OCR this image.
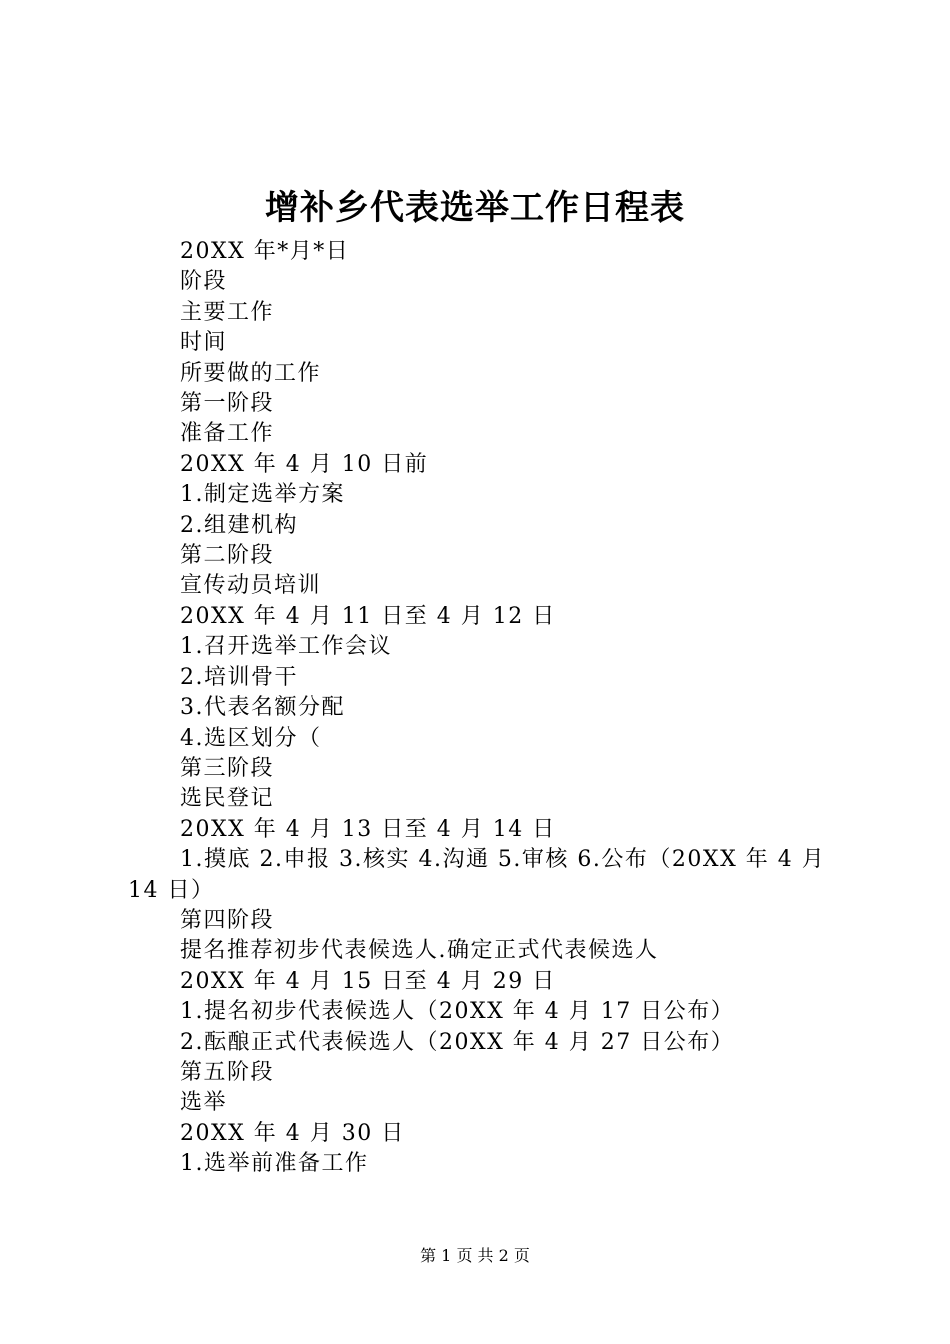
增补乡代表选举工作日程表

20XX 年*月*日

阶段

主要工作

时间

所要做的工作

第一阶段

准备工作

20XX 年 4 月 10 日前

1.制定选举方案

2.组建机构

第二阶段

宣传动员培训

20XX 年 4 月 11 日至 4 月 12 日

1.召开选举工作会议

2.培训骨干

3.代表名额分配

4.选区划分（

第三阶段

选民登记

20XX 年 4 月 13 日至 4 月 14 日

1.摸底 2.申报 3.核实 4.沟通 5.审核 6.公布（20XX 年 4 月 14 日）

第四阶段

提名推荐初步代表候选人.确定正式代表候选人

20XX 年 4 月 15 日至 4 月 29 日

1.提名初步代表候选人（20XX 年 4 月 17 日公布）

2.酝酿正式代表候选人（20XX 年 4 月 27 日公布）

第五阶段

选举

20XX 年 4 月 30 日

1.选举前准备工作

第 1 页 共 2 页
